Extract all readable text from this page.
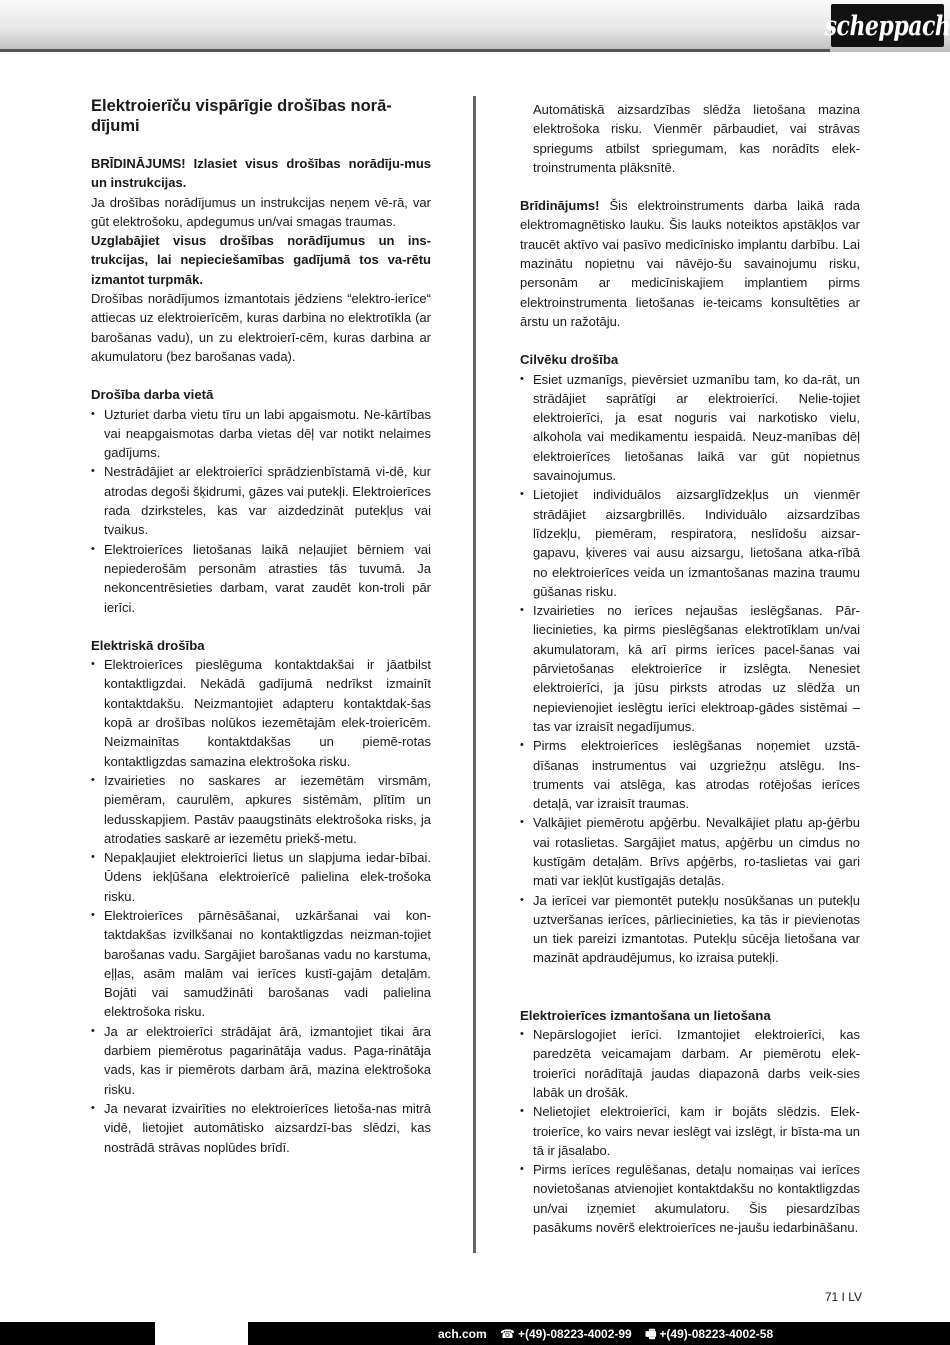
scheppach
Elektroierīču vispārīgie drošības norā-dījumi

BRĪDINĀJUMS! Izlasiet visus drošības norādīju-mus un instrukcijas.

Ja drošības norādījumus un instrukcijas neņem vē-rā, var gūt elektrošoku, apdegumus un/vai smagas traumas.

Uzglabājiet visus drošības norādījumus un ins-trukcijas, lai nepieciešamības gadījumā tos va-rētu izmantot turpmāk.

Drošības norādījumos izmantotais jēdziens “elektro-ierīce“ attiecas uz elektroierīcēm, kuras darbina no elektrotīkla (ar barošanas vadu), un zu elektroierī-cēm, kuras darbina ar akumulatoru (bez barošanas vada).

Drošība darba vietā
• Uzturiet darba vietu tīru un labi apgaismotu. Ne-kārtības vai neapgaismotas darba vietas dēļ var notikt nelaimes gadījums.
• Nestrādājiet ar elektroierīci sprādzienbīstamā vi-dē, kur atrodas degoši šķidrumi, gāzes vai putekļi. Elektroierīces rada dzirksteles, kas var aizdedzināt putekļus vai tvaikus.
• Elektroierīces lietošanas laikā neļaujiet bērniem vai nepiederošām personām atrasties tās tuvumā. Ja nekoncentrēsieties darbam, varat zaudēt kon-troli pār ierīci.
Elektriskā drošība
• Elektroierīces pieslēguma kontaktdakšai ir jāatbilst kontaktligzdai. Nekādā gadījumā nedrīkst izmainīt kontaktdakšu. Neizmantojiet adapteru kontaktdak-šas kopā ar drošības nolūkos iezemētajām elek-troierīcēm. Neizmainītas kontaktdakšas un piemē-rotas kontaktligzdas samazina elektrošoka risku.
• Izvairieties no saskares ar iezemētām virsmām, piemēram, caurulēm, apkures sistēmām, plītīm un ledusskapjiem. Pastāv paaugstināts elektrošoka risks, ja atrodaties saskarē ar iezemētu priekš-metu.
• Nepakļaujiet elektroierīci lietus un slapjuma iedar-bībai. Ūdens iekļūšana elektroierīcē palielina elek-trošoka risku.
• Elektroierīces pārnēsāšanai, uzkāršanai vai kon-taktdakšas izvilkšanai no kontaktligzdas neizman-tojiet barošanas vadu. Sargājiet barošanas vadu no karstuma, eļļas, asām malām vai ierīces kustī-gajām detaļām. Bojāti vai samudžināti barošanas vadi palielina elektrošoka risku.
• Ja ar elektroierīci strādājat ārā, izmantojiet tikai āra darbiem piemērotus pagarinātāja vadus. Paga-rinātāja vads, kas ir piemērots darbam ārā, mazina elektrošoka risku.
• Ja nevarat izvairīties no elektroierīces lietoša-nas mitrā vidē, lietojiet automātisko aizsardzī-bas slēdzi, kas nostrādā strāvas noplūdes brīdī.

Automātiskā aizsardzības slēdža lietošana mazina elektrošoka risku. Vienmēr pārbaudiet, vai strāvas spriegums atbilst spriegumam, kas norādīts elek-troinstrumenta plāksnītē.

Brīdinājums! Šis elektroinstruments darba laikā rada elektromagnētisko lauku. Šis lauks noteiktos apstākļos var traucēt aktīvo vai pasīvo medicīnisko implantu darbību. Lai mazinātu nopietnu vai nāvējo-šu savainojumu risku, personām ar medicīniskajiem implantiem pirms elektroinstrumenta lietošanas ie-teicams konsultēties ar ārstu un ražotāju.

Cilvēku drošība
• Esiet uzmanīgs, pievērsiet uzmanību tam, ko da-rāt, un strādājiet saprātīgi ar elektroierīci. Nelie-tojiet elektroierīci, ja esat noguris vai narkotisko vielu, alkohola vai medikamentu iespaidā. Neuz-manības dēļ elektroierīces lietošanas laikā var gūt nopietnus savainojumus.
• Lietojiet individuālos aizsarglīdzekļus un vienmēr strādājiet aizsargbrillēs. Individuālo aizsardzības līdzekļu, piemēram, respiratora, neslīdošu aizsar-gapavu, ķiveres vai ausu aizsargu, lietošana atka-rībā no elektroierīces veida un izmantošanas mazina traumu gūšanas risku.
• Izvairieties no ierīces nejaušas ieslēgšanas. Pār-liecinieties, ka pirms pieslēgšanas elektrotīklam un/vai akumulatoram, kā arī pirms ierīces pacel-šanas vai pārvietošanas elektroierīce ir izslēgta. Nenesiet elektroierīci, ja jūsu pirksts atrodas uz slēdža un nepievienojiet ieslēgtu ierīci elektroap-gādes sistēmai – tas var izraisīt negadījumus.
• Pirms elektroierīces ieslēgšanas noņemiet uzstā-dīšanas instrumentus vai uzgriežņu atslēgu. Ins-truments vai atslēga, kas atrodas rotējošas ierīces detaļā, var izraisīt traumas.
• Valkājiet piemērotu apģērbu. Nevalkājiet platu ap-ģērbu vai rotaslietas. Sargājiet matus, apģērbu un cimdus no kustīgām detaļām. Brīvs apģērbs, ro-taslietas vai gari mati var iekļūt kustīgajās detaļās.
• Ja ierīcei var piemontēt putekļu nosūkšanas un putekļu uztveršanas ierīces, pārliecinieties, ka tās ir pievienotas un tiek pareizi izmantotas. Putekļu sūcēja lietošana var mazināt apdraudējumus, ko izraisa putekļi.
Elektroierīces izmantošana un lietošana
• Nepārslogojiet ierīci. Izmantojiet elektroierīci, kas paredzēta veicamajam darbam. Ar piemērotu elek-troierīci norādītajā jaudas diapazonā darbs veik-sies labāk un drošāk.
• Nelietojiet elektroierīci, kam ir bojāts slēdzis. Elek-troierīce, ko vairs nevar ieslēgt vai izslēgt, ir bīsta-ma un tā ir jāsalabo.
• Pirms ierīces regulēšanas, detaļu nomaiņas vai ierīces novietošanas atvienojiet kontaktdakšu no kontaktligzdas un/vai izņemiet akumulatoru. Šis piesardzības pasākums novērš elektroierīces ne-jaušu iedarbināšanu.
71 I LV
ach.com ☎ +(49)-08223-4002-99 🖷 +(49)-08223-4002-58
